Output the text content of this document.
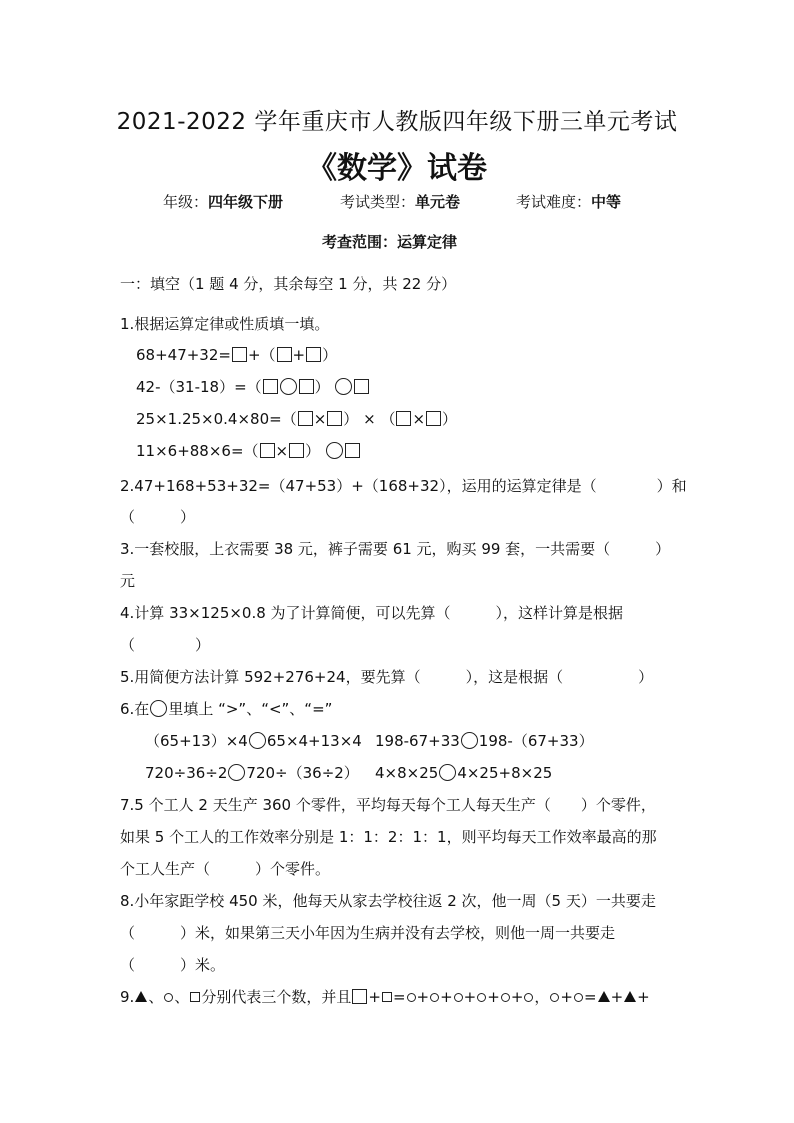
2021-2022 学年重庆市人教版四年级下册三单元考试
《数学》试卷
年级：四年级下册	考试类型：单元卷	考试难度：中等
考查范围：运算定律
一：填空（1 题 4 分，其余每空 1 分，共 22 分）
1.根据运算定律或性质填一填。
68+47+32= +（ + ）
42-（31-18）=（	）
25×1.25×0.4×80=（ × ） × （ × ）
11×6+88×6=（ × ）
2.47+168+53+32=（47+53）+（168+32），运用的运算定律是（　　　　）和
（　　　）
3.一套校服，上衣需要 38 元，裤子需要 61 元，购买 99 套，一共需要（　　　）
元
4.计算 33×125×0.8 为了计算简便，可以先算（　　　），这样计算是根据
（　　　　）
5.用简便方法计算 592+276+24，要先算（　　　），这是根据（　　　　　）
6.在 里填上 “>”、“<”、“=”
（65+13）×4 65×4+13×4 198-67+33 198-（67+33）
720÷36÷2 720÷（36÷2） 4×8×25 4×25+8×25
7.5 个工人 2 天生产 360 个零件，平均每天每个工人每天生产（　　）个零件，
如果 5 个工人的工作效率分别是 1：1：2：1：1，则平均每天工作效率最高的那
个工人生产（　　　）个零件。
8.小年家距学校 450 米，他每天从家去学校往返 2 次，他一周（5 天）一共要走
（　　　）米，如果第三天小年因为生病并没有去学校，则他一周一共要走
（　　　）米。
9. 、 、 分别代表三个数，并且 + = + + + + + ， + = + +
